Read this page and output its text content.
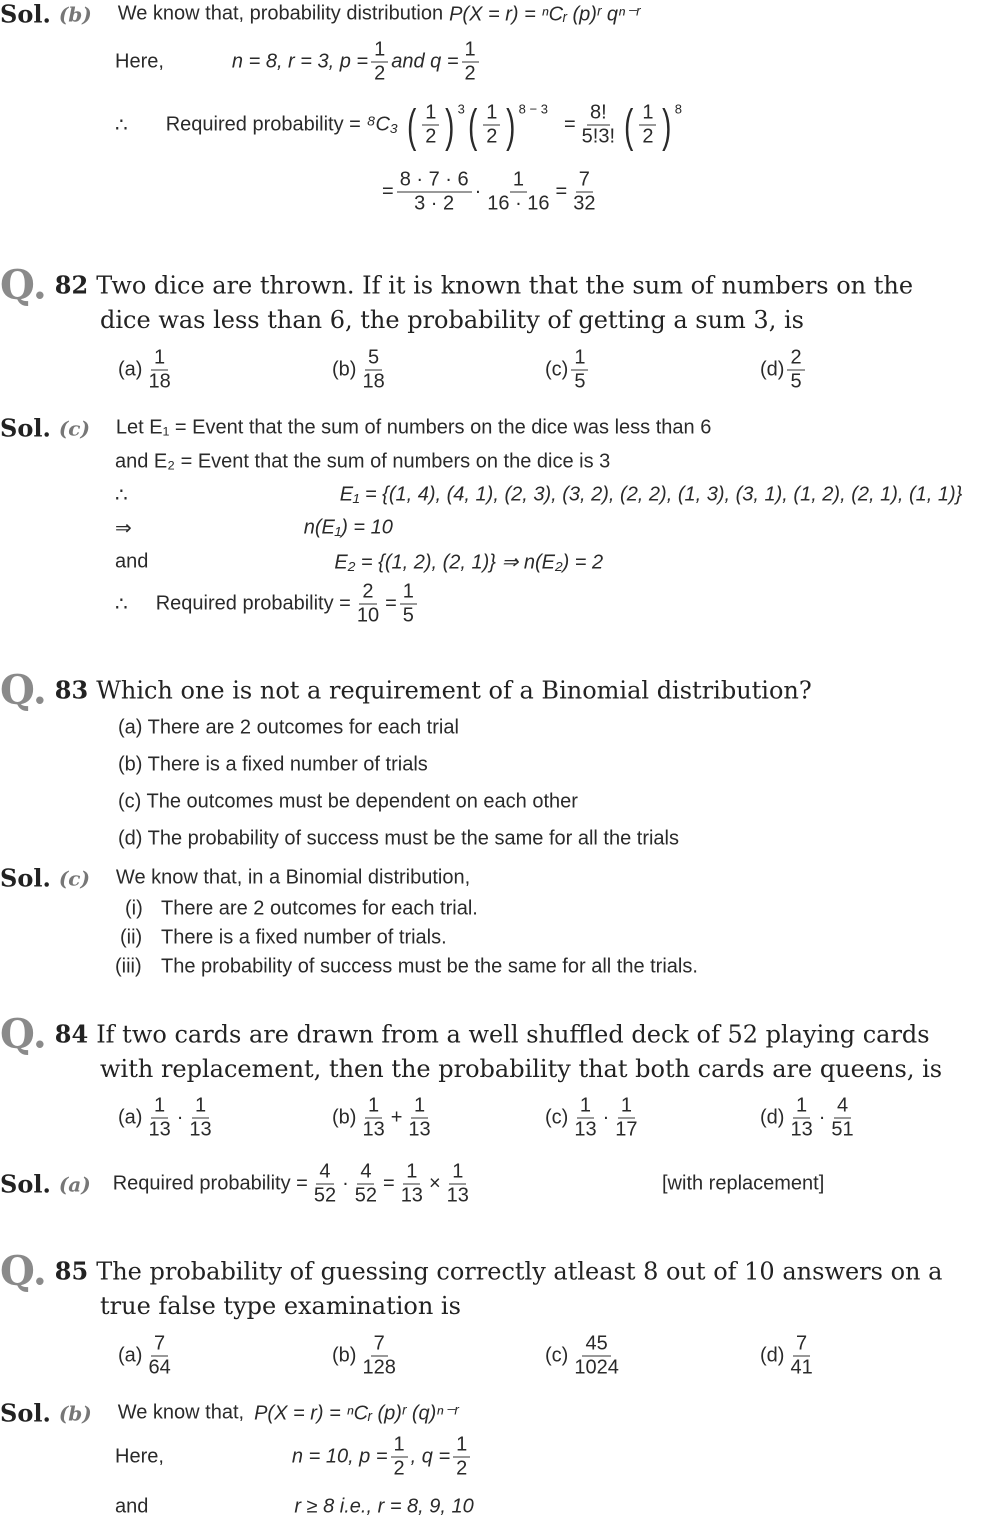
Sol. (b) We know that, probability distribution P(X = r) = ⁿCᵣ (p)ʳ qⁿ⁻ʳ
Here,	n = 8, r = 3, $p = \frac{1}{2}$ and $q = \frac{1}{2}$
∴ Required probability = ⁸C₃ ( 1
2 )$^3$ ( 1
2 )$^{8 - 3}$
= $\frac{8!}{5!3!}$ ( 1
2 )$^8$
= $\frac{8 \cdot 7 \cdot 6}{3 \cdot 2} \cdot \frac{1}{16 \cdot 16} = \frac{7}{32}$
Q. 82 Two dice are thrown. If it is known that the sum of numbers on the
dice was less than 6, the probability of getting a sum 3, is
(a)
1
18
(b)
5
18
(c)
1
5
(d)
2
5
Sol. (c) Let E₁ = Event that the sum of numbers on the dice was less than 6
and E₂ = Event that the sum of numbers on the dice is 3
∴	E₁ = {(1, 4), (4, 1), (2, 3), (3, 2), (2, 2), (1, 3), (3, 1), (1, 2), (2, 1), (1, 1)}
⇒	n(E₁) = 10
and	E₂ = {(1, 2), (2, 1)} ⇒ n(E₂) = 2
∴ Required probability = $\frac{2}{10} = \frac{1}{5}$
Q. 83 Which one is not a requirement of a Binomial distribution?
(a) There are 2 outcomes for each trial
(b) There is a fixed number of trials
(c) The outcomes must be dependent on each other
(d) The probability of success must be the same for all the trials
Sol. (c) We know that, in a Binomial distribution,
(i) There are 2 outcomes for each trial.
(ii) There is a fixed number of trials.
(iii) The probability of success must be the same for all the trials.
Q. 84 If two cards are drawn from a well shuffled deck of 52 playing cards
with replacement, then the probability that both cards are queens, is
(a)
1
13
·
1
13
(b)
1
13
+ $\frac{1}{13}$	(c)
1
13
·
1
17
(d)
1
13
·
4
51
Sol. (a) Required probability = $\frac{4}{52} \cdot \frac{4}{52} = \frac{1}{13} \times \frac{1}{13}$	[with replacement]
Q. 85 The probability of guessing correctly atleast 8 out of 10 answers on a
true false type examination is
(a)
7
64
(b)
7
128
(c)
45
1024
(d)
7
41
Sol. (b) We know that, P(X = r) = ⁿCᵣ (p)ʳ (q)ⁿ⁻ʳ
Here,	n = 10, $p = \frac{1}{2}$ , $q = \frac{1}{2}$
and	r ≥ 8 i.e., r = 8, 9, 10
